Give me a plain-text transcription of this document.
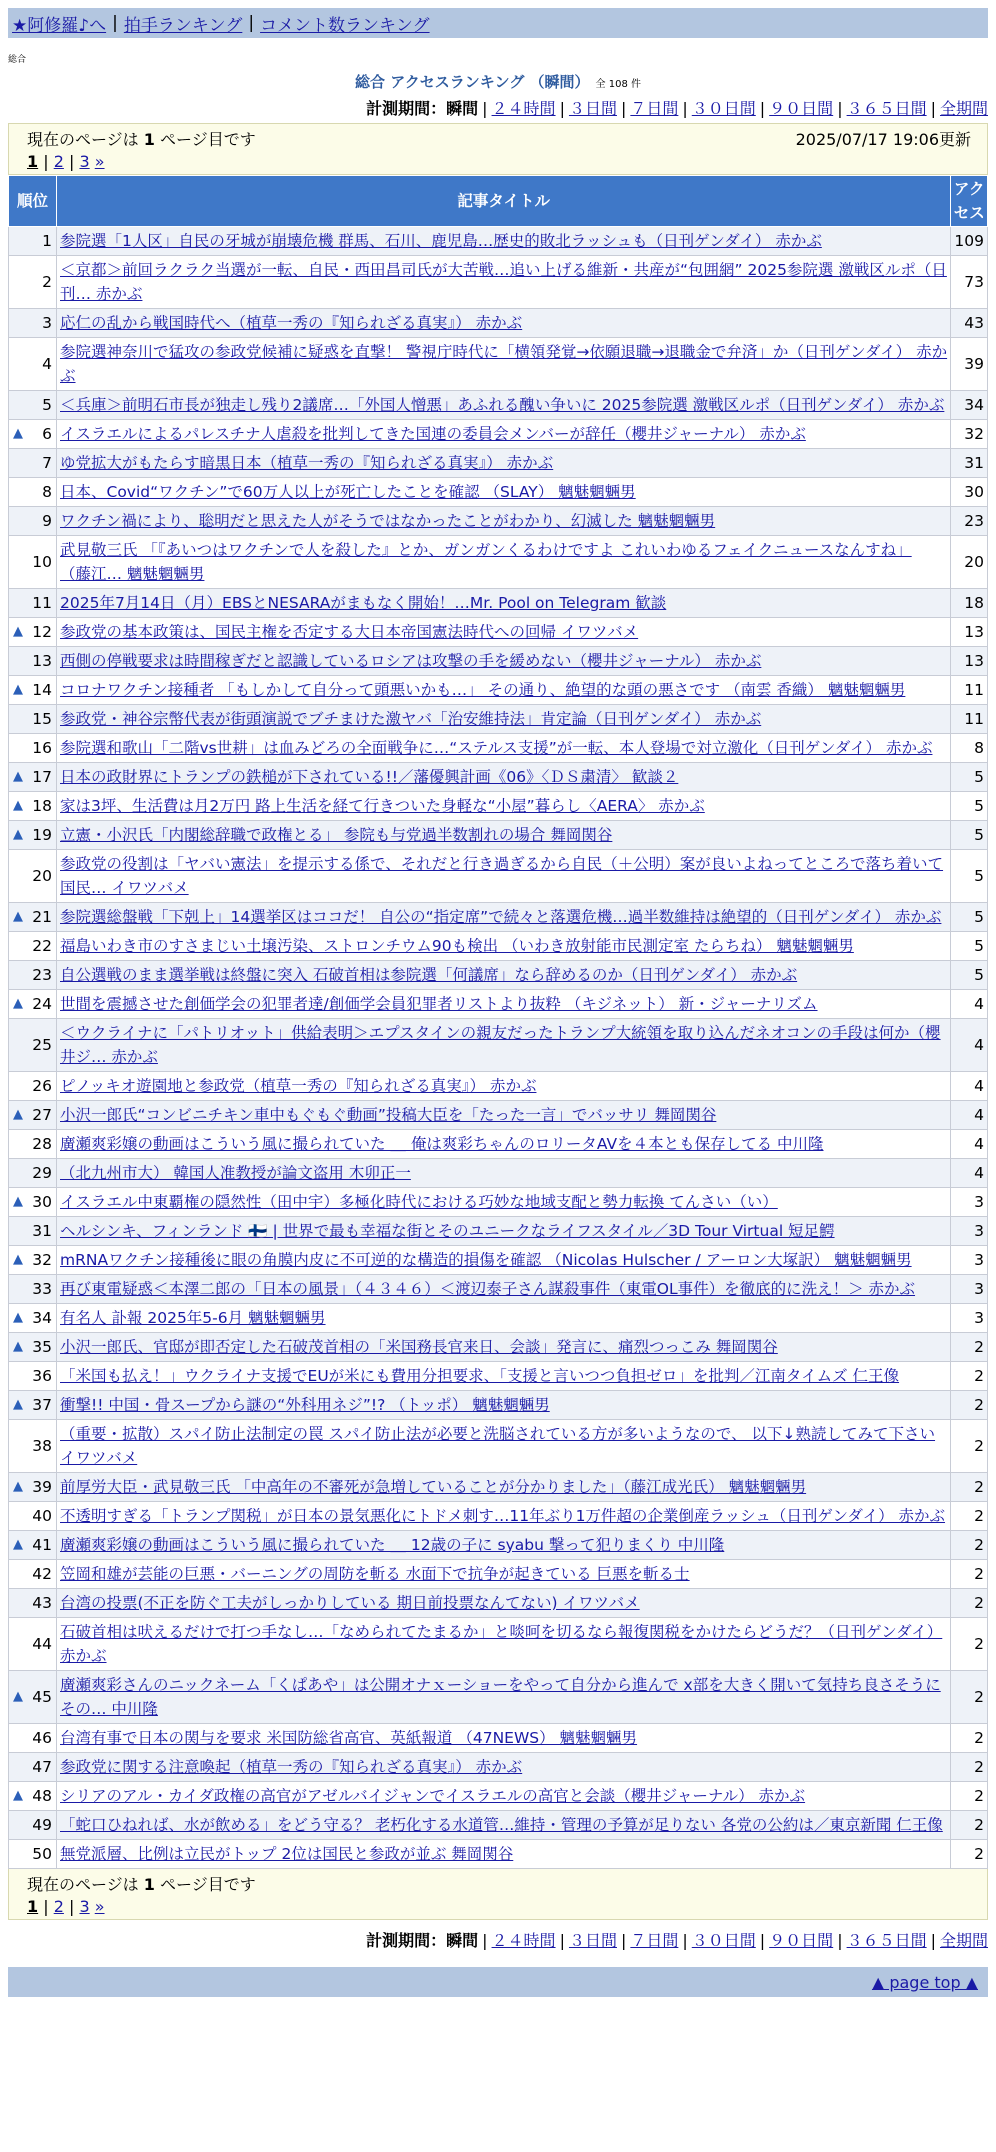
★阿修羅♪へ | 拍手ランキング | コメント数ランキング
総合
総合 アクセスランキング （瞬間） 全 108 件
計測期間：瞬間 | ２４時間 | ３日間 | ７日間 | ３０日間 | ９０日間 | ３６５日間 | 全期間
現在のページは 1 ページ目です	2025/07/17 19:06更新
1 | 2 | 3 »
順位	記事タイトル	アク
セス
1	参院選「1人区」自民の牙城が崩壊危機 群馬、石川、鹿児島…歴史的敗北ラッシュも（日刊ゲンダイ） 赤かぶ	109
2	＜京都＞前回ラクラク当選が一転、自民・西田昌司氏が大苦戦…追い上げる維新・共産が“包囲網” 2025参院選 激戦区ルポ（日刊… 赤かぶ	73
3	応仁の乱から戦国時代へ（植草一秀の『知られざる真実』） 赤かぶ	43
4	参院選神奈川で猛攻の参政党候補に疑惑を直撃！ 警視庁時代に「横領発覚→依願退職→退職金で弁済」か（日刊ゲンダイ） 赤かぶ	39
5	＜兵庫＞前明石市長が独走し残り2議席…「外国人憎悪」あふれる醜い争いに 2025参院選 激戦区ルポ（日刊ゲンダイ） 赤かぶ	34

▲ 6	イスラエルによるパレスチナ人虐殺を批判してきた国連の委員会メンバーが辞任（櫻井ジャーナル） 赤かぶ	32
7	ゆ党拡大がもたらす暗黒日本（植草一秀の『知られざる真実』） 赤かぶ	31
8	日本、Covid“ワクチン”で60万人以上が死亡したことを確認 （SLAY） 魑魅魍魎男	30
9	ワクチン禍により、聡明だと思えた人がそうではなかったことがわかり、幻滅した 魑魅魍魎男	23
10	武見敬三氏 「『あいつはワクチンで人を殺した』とか、ガンガンくるわけですよ これいわゆるフェイクニュースなんすね」 （藤江… 魑魅魍魎男	20
11	2025年7月14日（月）EBSとNESARAがまもなく開始！…Mr. Pool on Telegram 歓談	18

▲ 12	参政党の基本政策は、国民主権を否定する大日本帝国憲法時代への回帰 イワツバメ	13
13	西側の停戦要求は時間稼ぎだと認識しているロシアは攻撃の手を緩めない（櫻井ジャーナル） 赤かぶ	13

▲ 14	コロナワクチン接種者 「もしかして自分って頭悪いかも…」 その通り、絶望的な頭の悪さです （南雲 香織） 魑魅魍魎男	11
15	参政党・神谷宗幣代表が街頭演説でブチまけた激ヤバ「治安維持法」肯定論（日刊ゲンダイ） 赤かぶ	11
16	参院選和歌山「二階vs世耕」は血みどろの全面戦争に…“ステルス支援”が一転、本人登場で対立激化（日刊ゲンダイ） 赤かぶ	8

▲ 17	日本の政財界にトランプの鉄槌が下されている!!／藩優興計画《06》〈ＤＳ粛清〉 歓談２	5

▲ 18	家は3坪、生活費は月2万円 路上生活を経て行きついた身軽な“小屋”暮らし〈AERA〉 赤かぶ	5

▲ 19	立憲・小沢氏「内閣総辞職で政権とる」 参院も与党過半数割れの場合 舞岡関谷	5
20	参政党の役割は「ヤバい憲法」を提示する係で、それだと行き過ぎるから自民（＋公明）案が良いよねってところで落ち着いて国民… イワツバメ	5

▲ 21	参院選総盤戦「下剋上」14選挙区はココだ！ 自公の“指定席”で続々と落選危機…過半数維持は絶望的（日刊ゲンダイ） 赤かぶ	5
22	福島いわき市のすさまじい土壌汚染、ストロンチウム90も検出 （いわき放射能市民測定室 たらちね） 魑魅魍魎男	5
23	自公選戦のまま選挙戦は終盤に突入 石破首相は参院選「何議席」なら辞めるのか（日刊ゲンダイ） 赤かぶ	5

▲ 24	世間を震撼させた創価学会の犯罪者達/創価学会員犯罪者リストより抜粋 （キジネット） 新・ジャーナリズム	4
25	＜ウクライナに「パトリオット」供給表明＞エプスタインの親友だったトランプ大統領を取り込んだネオコンの手段は何か（櫻井ジ… 赤かぶ	4
26	ピノッキオ遊園地と参政党（植草一秀の『知られざる真実』） 赤かぶ	4

▲ 27	小沢一郎氏“コンビニチキン車中もぐもぐ動画”投稿大臣を「たった一言」でバッサリ 舞岡関谷	4
28	廣瀬爽彩嬢の動画はこういう風に撮られていた ＿ 俺は爽彩ちゃんのロリータAVを４本とも保存してる 中川隆	4
29	（北九州市大） 韓国人准教授が論文盗用 木卯正一	4

▲ 30	イスラエル中東覇権の隠然性（田中宇）多極化時代における巧妙な地域支配と勢力転換 てんさい（い）	3
31	ヘルシンキ、フィンランド 🇫🇮 | 世界で最も幸福な街とそのユニークなライフスタイル／3D Tour Virtual 短足鰐	3

▲ 32	mRNAワクチン接種後に眼の角膜内皮に不可逆的な構造的損傷を確認 （Nicolas Hulscher / アーロン大塚訳） 魑魅魍魎男	3
33	再び東電疑惑＜本澤二郎の「日本の風景」（４３４６）＜渡辺泰子さん謀殺事件（東電OL事件）を徹底的に洗え！＞ 赤かぶ	3

▲ 34	有名人 訃報 2025年5-6月 魑魅魍魎男	3

▲ 35	小沢一郎氏、官邸が即否定した石破茂首相の「米国務長官来日、会談」発言に、痛烈つっこみ 舞岡関谷	2
36	「米国も払え！」ウクライナ支援でEUが米にも費用分担要求、「支援と言いつつ負担ゼロ」を批判／江南タイムズ 仁王像	2

▲ 37	衝撃!! 中国・骨スープから謎の“外科用ネジ”!? （トッポ） 魑魅魍魎男	2
38	（重要・拡散）スパイ防止法制定の罠 スパイ防止法が必要と洗脳されている方が多いようなので、 以下↓熟読してみて下さい イワツバメ	2

▲ 39	前厚労大臣・武見敬三氏 「中高年の不審死が急増していることが分かりました」（藤江成光氏） 魑魅魍魎男	2
40	不透明すぎる「トランプ関税」が日本の景気悪化にトドメ刺す…11年ぶり1万件超の企業倒産ラッシュ（日刊ゲンダイ） 赤かぶ	2

▲ 41	廣瀬爽彩嬢の動画はこういう風に撮られていた ＿ 12歳の子に syabu 撃って犯りまくり 中川隆	2
42	笠岡和雄が芸能の巨悪・バーニングの周防を斬る 水面下で抗争が起きている 巨悪を斬る士	2
43	台湾の投票(不正を防ぐ工夫がしっかりしている 期日前投票なんてない) イワツバメ	2
44	石破首相は吠えるだけで打つ手なし…「なめられてたまるか」と啖呵を切るなら報復関税をかけたらどうだ？（日刊ゲンダイ） 赤かぶ	2

▲ 45	廣瀬爽彩さんのニックネーム「くぱあや」は公開オナｘーショーをやって自分から進んで x部を大きく開いて気持ち良さそうにその… 中川隆	2
46	台湾有事で日本の関与を要求 米国防総省高官、英紙報道 （47NEWS） 魑魅魍魎男	2
47	参政党に関する注意喚起（植草一秀の『知られざる真実』） 赤かぶ	2

▲ 48	シリアのアル・カイダ政権の高官がアゼルバイジャンでイスラエルの高官と会談（櫻井ジャーナル） 赤かぶ	2
49	「蛇口ひねれば、水が飲める」をどう守る？ 老朽化する水道管…維持・管理の予算が足りない 各党の公約は／東京新聞 仁王像	2
50	無党派層、比例は立民がトップ 2位は国民と参政が並ぶ 舞岡関谷	2
現在のページは 1 ページ目です
1 | 2 | 3 »
計測期間：瞬間 | ２４時間 | ３日間 | ７日間 | ３０日間 | ９０日間 | ３６５日間 | 全期間
▲ page top ▲
